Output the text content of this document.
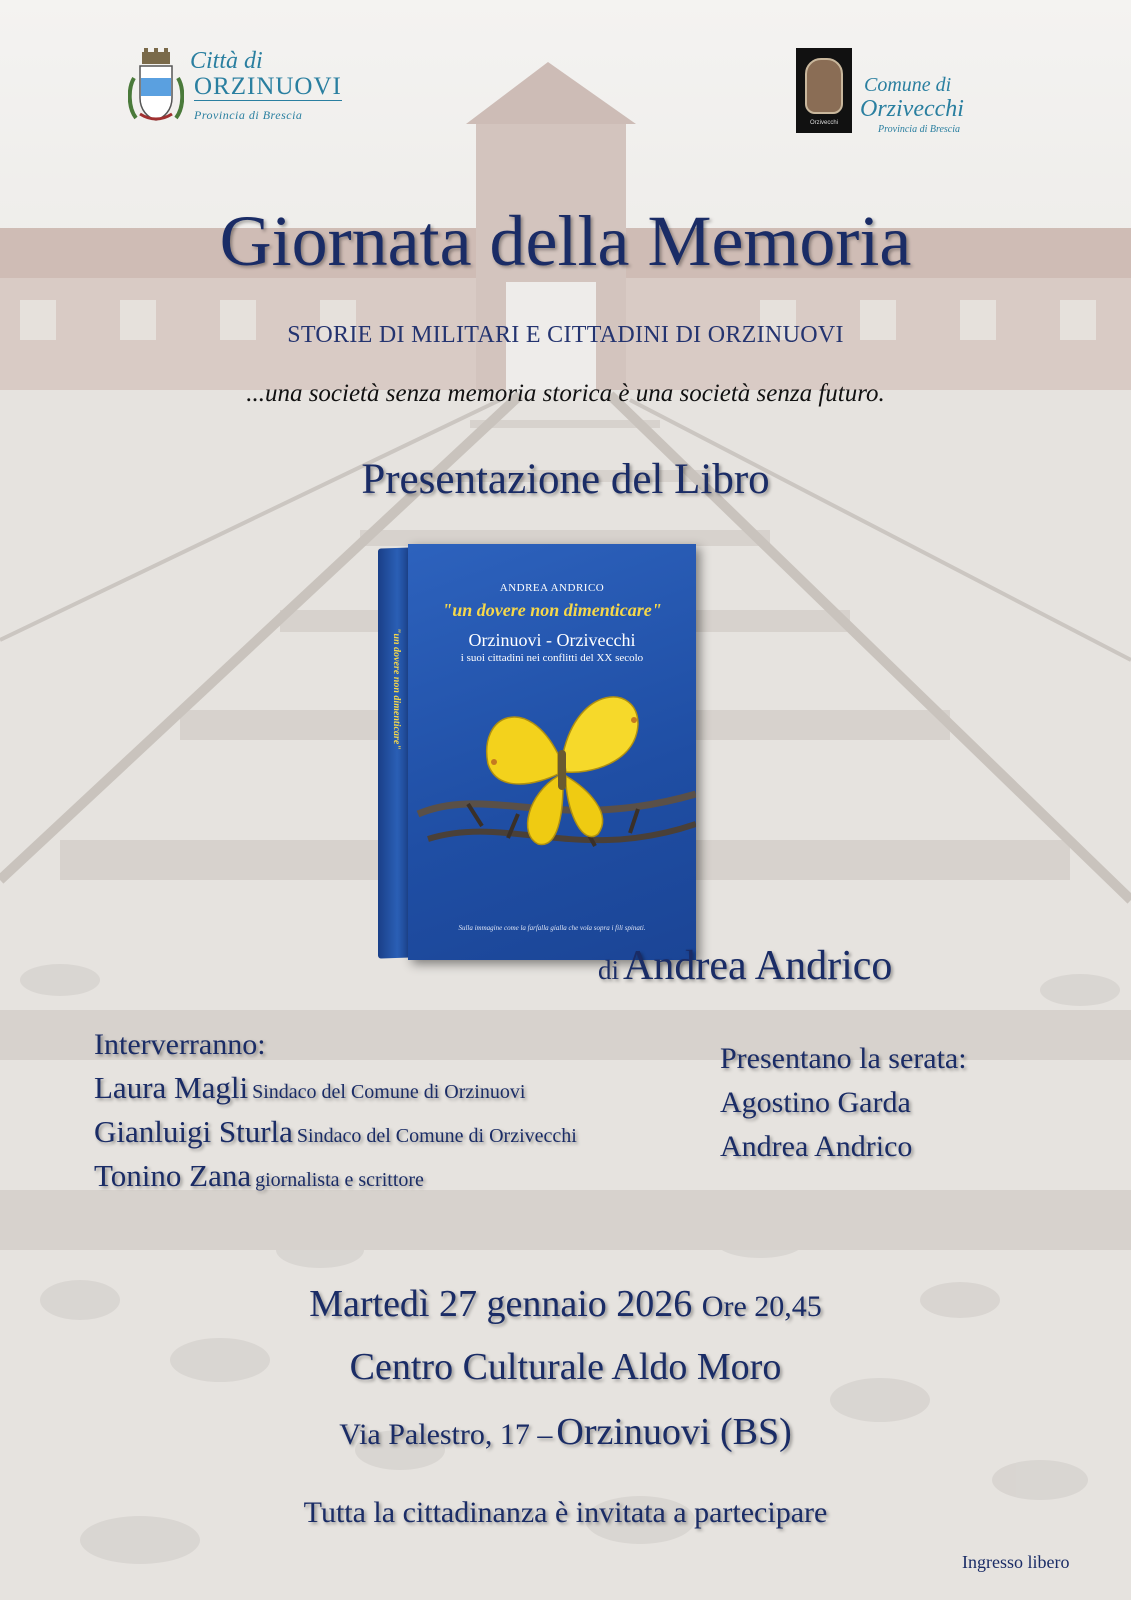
Città di
ORZINUOVI
Provincia di Brescia
Orzivecchi
Comune di
Orzivecchi
Provincia di Brescia
Giornata della Memoria
STORIE DI MILITARI E CITTADINI DI ORZINUOVI
...una società senza memoria storica è una società senza futuro.
Presentazione del Libro
"un dovere non dimenticare"
ANDREA ANDRICO
"un dovere non dimenticare"
Orzinuovi - Orzivecchi
i suoi cittadini nei conflitti del XX secolo
Sulla immagine come la farfalla gialla che vola sopra i fili spinati.
di Andrea Andrico
Interverranno:
Laura Magli Sindaco del Comune di Orzinuovi
Gianluigi Sturla Sindaco del Comune di Orzivecchi
Tonino Zana giornalista e scrittore
Presentano la serata:
Agostino Garda
Andrea Andrico
Martedì 27 gennaio 2026 Ore 20,45
Centro Culturale Aldo Moro
Via Palestro, 17 – Orzinuovi (BS)
Tutta la cittadinanza è invitata a partecipare
Ingresso libero
